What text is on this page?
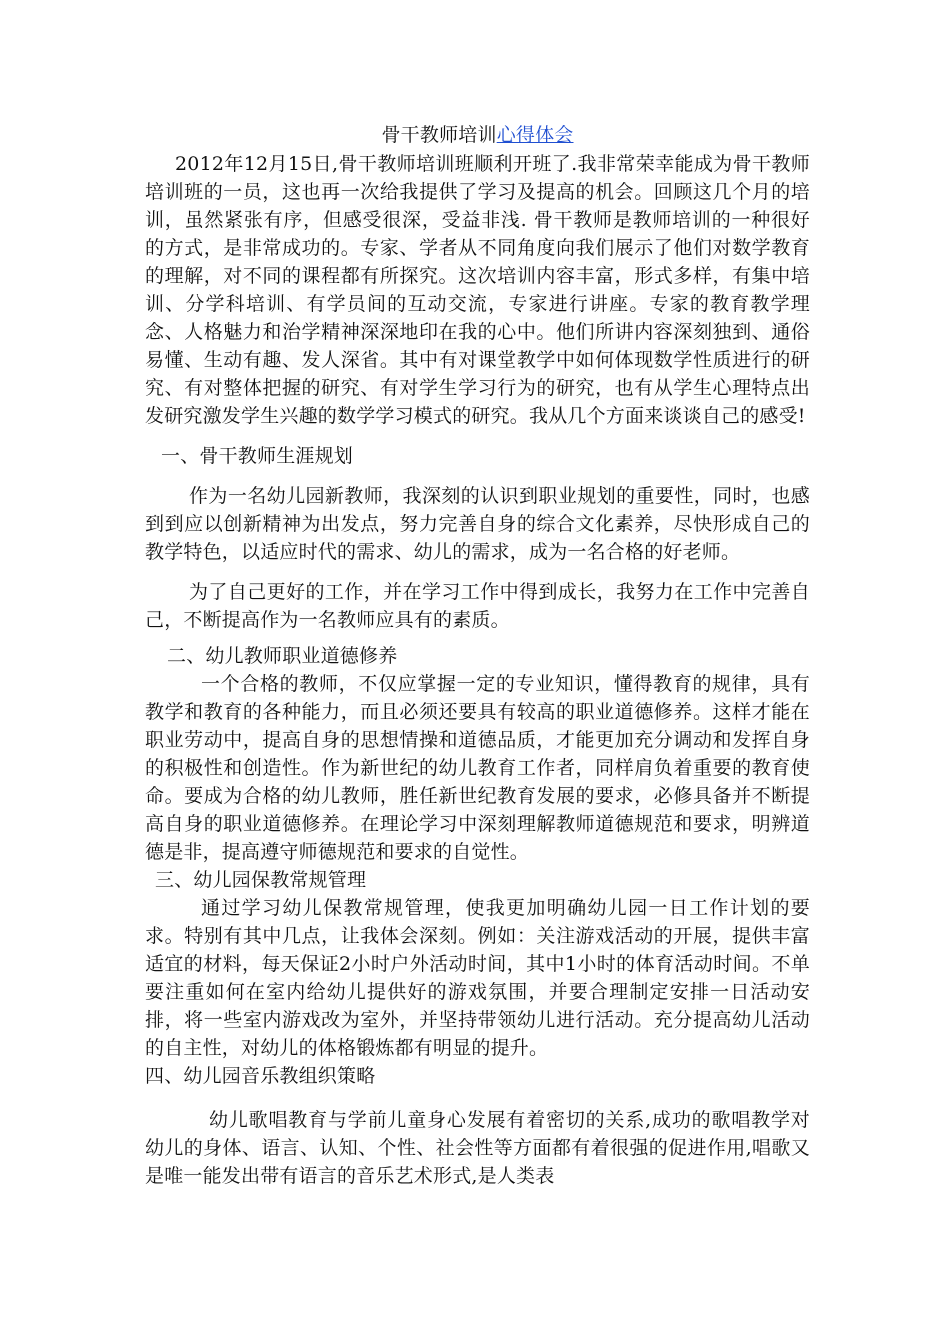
骨干教师培训心得体会

2012年12月15日,骨干教师培训班顺利开班了.我非常荣幸能成为骨干教师培训班的一员，这也再一次给我提供了学习及提高的机会。回顾这几个月的培训，虽然紧张有序，但感受很深，受益非浅. 骨干教师是教师培训的一种很好的方式，是非常成功的。专家、学者从不同角度向我们展示了他们对数学教育的理解，对不同的课程都有所探究。这次培训内容丰富，形式多样，有集中培训、分学科培训、有学员间的互动交流，专家进行讲座。专家的教育教学理念、人格魅力和治学精神深深地印在我的心中。他们所讲内容深刻独到、通俗易懂、生动有趣、发人深省。其中有对课堂教学中如何体现数学性质进行的研究、有对整体把握的研究、有对学生学习行为的研究，也有从学生心理特点出发研究激发学生兴趣的数学学习模式的研究。我从几个方面来谈谈自己的感受!

一、骨干教师生涯规划

作为一名幼儿园新教师，我深刻的认识到职业规划的重要性，同时，也感到到应以创新精神为出发点，努力完善自身的综合文化素养，尽快形成自己的教学特色，以适应时代的需求、幼儿的需求，成为一名合格的好老师。

为了自己更好的工作，并在学习工作中得到成长，我努力在工作中完善自己，不断提高作为一名教师应具有的素质。

二、幼儿教师职业道德修养

一个合格的教师，不仅应掌握一定的专业知识，懂得教育的规律，具有教学和教育的各种能力，而且必须还要具有较高的职业道德修养。这样才能在职业劳动中，提高自身的思想情操和道德品质，才能更加充分调动和发挥自身的积极性和创造性。作为新世纪的幼儿教育工作者，同样肩负着重要的教育使命。要成为合格的幼儿教师，胜任新世纪教育发展的要求，必修具备并不断提高自身的职业道德修养。在理论学习中深刻理解教师道德规范和要求，明辨道德是非，提高遵守师德规范和要求的自觉性。

三、幼儿园保教常规管理

通过学习幼儿保教常规管理，使我更加明确幼儿园一日工作计划的要求。特别有其中几点，让我体会深刻。例如：关注游戏活动的开展，提供丰富适宜的材料，每天保证2小时户外活动时间，其中1小时的体育活动时间。不单要注重如何在室内给幼儿提供好的游戏氛围，并要合理制定安排一日活动安排，将一些室内游戏改为室外，并坚持带领幼儿进行活动。充分提高幼儿活动的自主性，对幼儿的体格锻炼都有明显的提升。

四、幼儿园音乐教组织策略

幼儿歌唱教育与学前儿童身心发展有着密切的关系,成功的歌唱教学对幼儿的身体、语言、认知、个性、社会性等方面都有着很强的促进作用,唱歌又是唯一能发出带有语言的音乐艺术形式,是人类表
